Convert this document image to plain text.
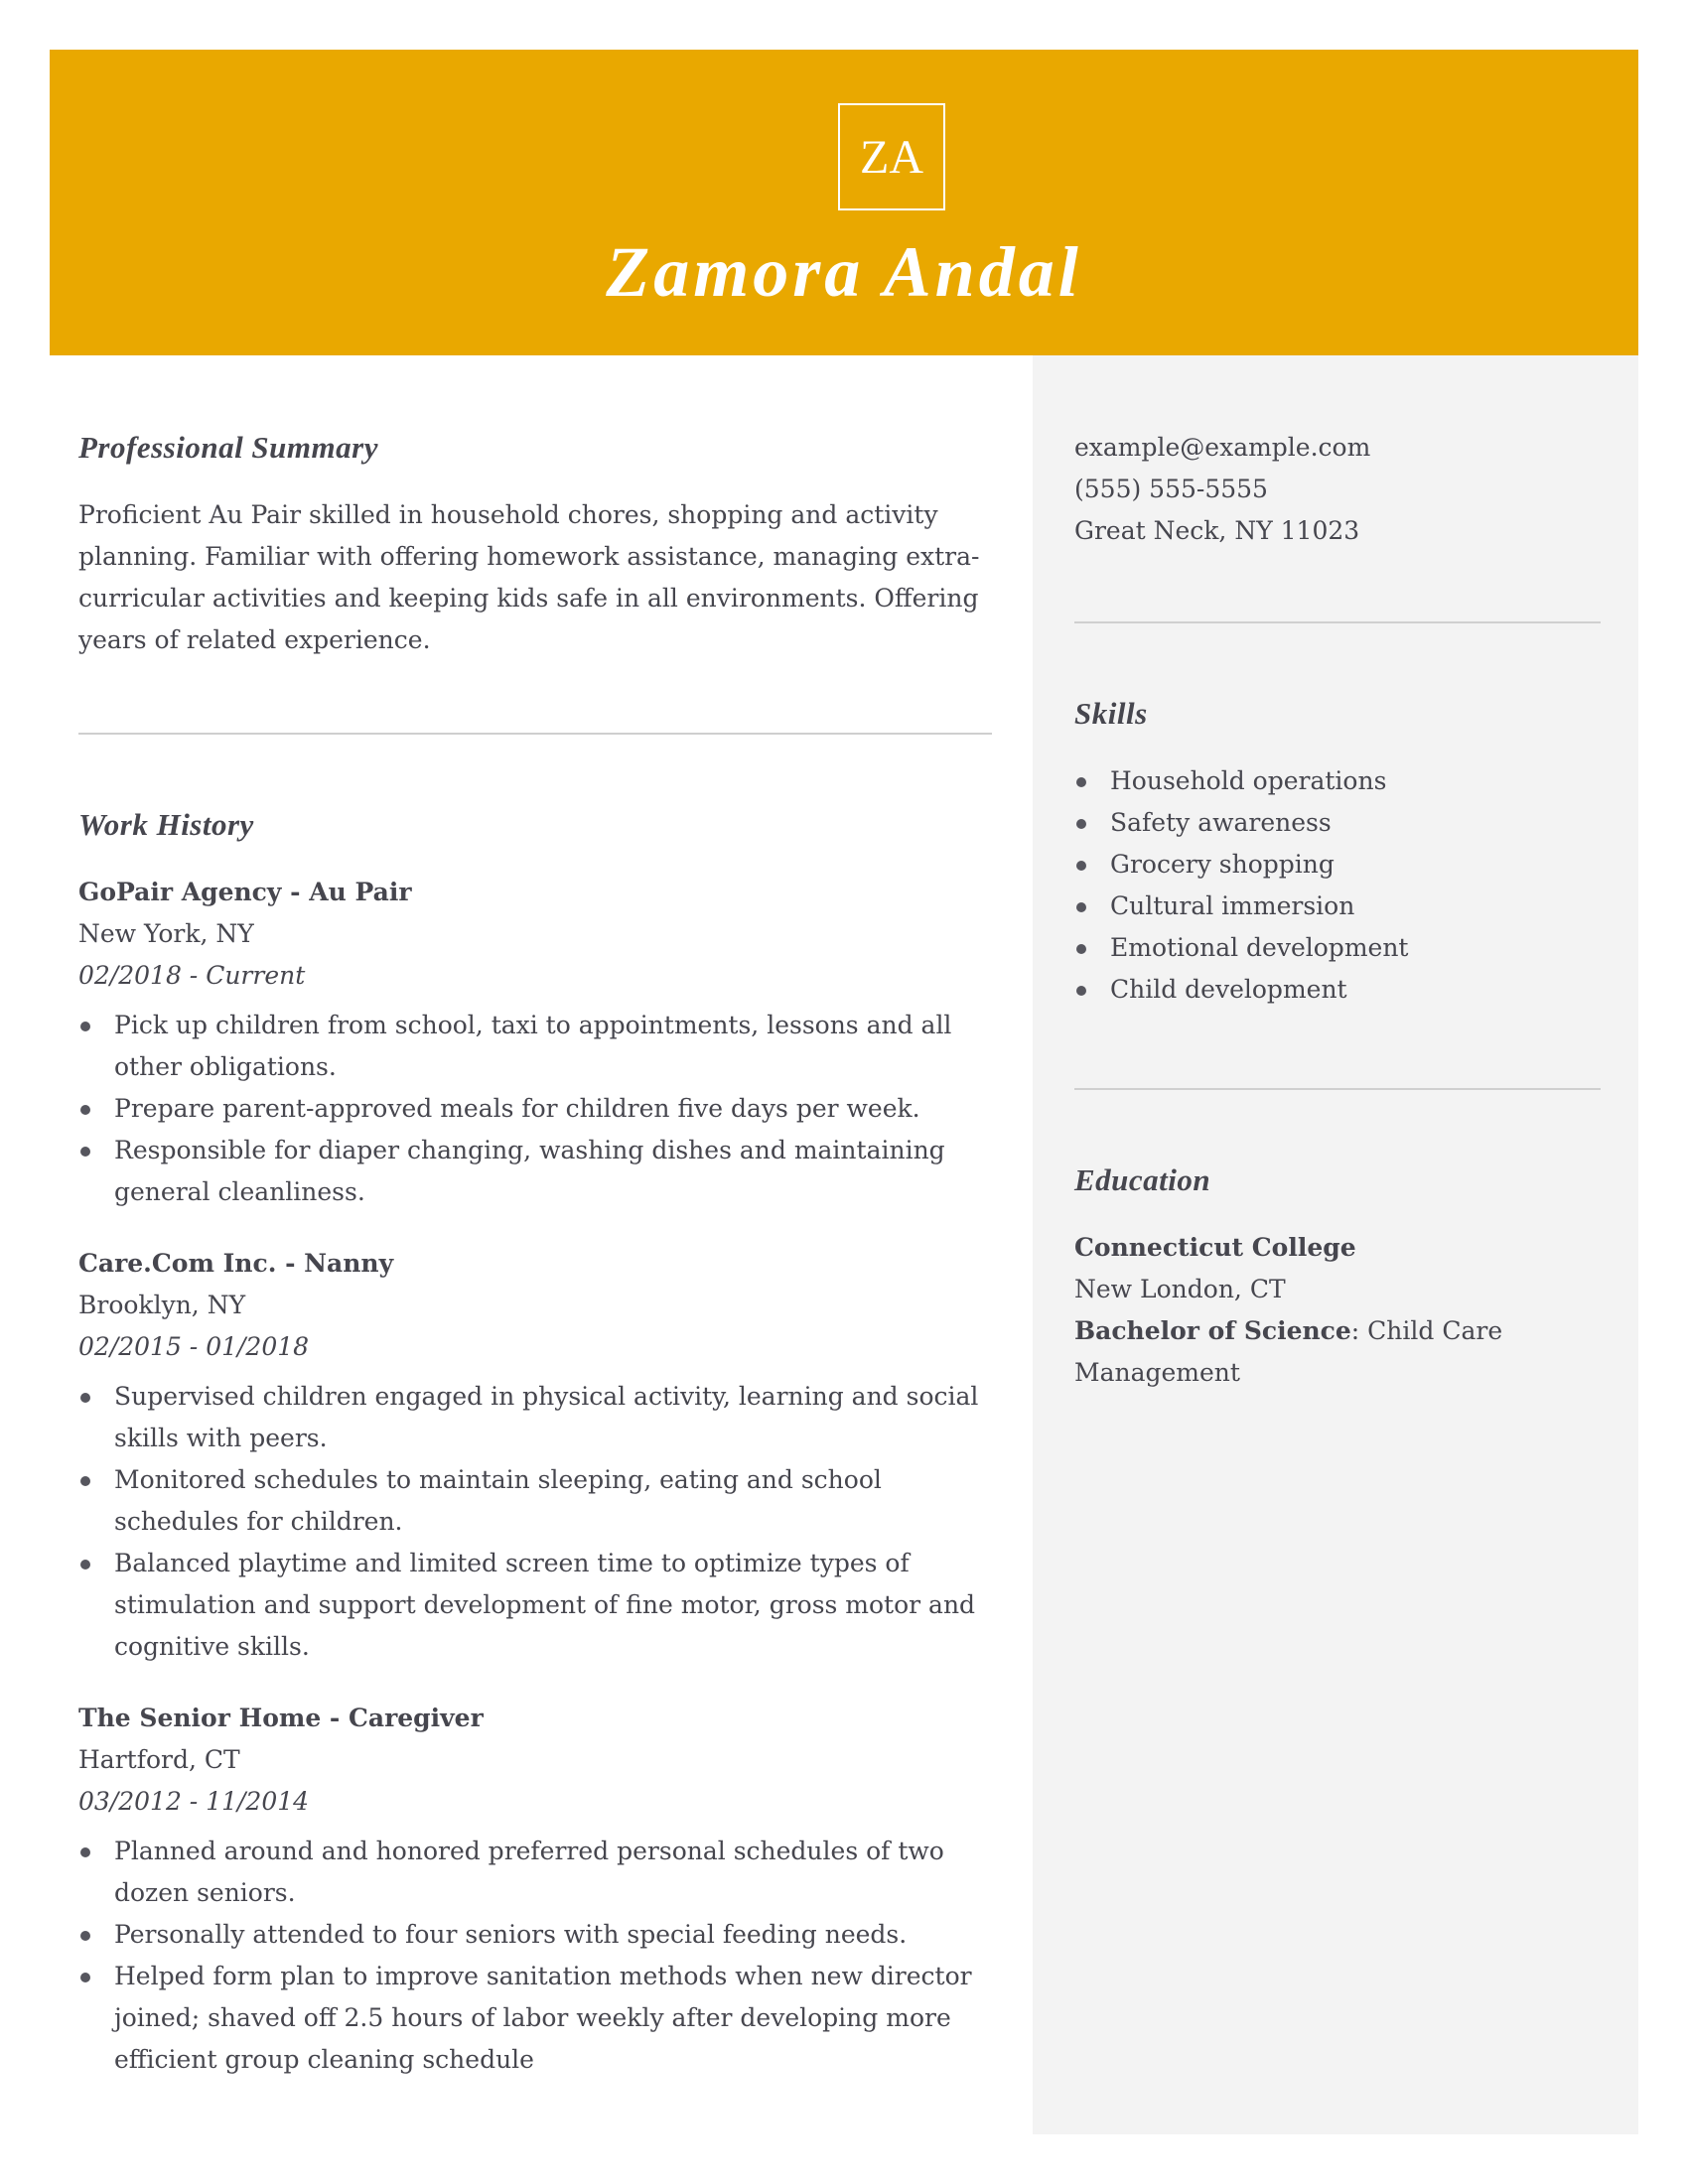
ZA
Zamora Andal
Professional Summary

Proficient Au Pair skilled in household chores, shopping and activity planning. Familiar with offering homework assistance, managing extra-curricular activities and keeping kids safe in all environments. Offering years of related experience.

Work History

GoPair Agency - Au Pair

New York, NY

02/2018 - Current

Pick up children from school, taxi to appointments, lessons and all other obligations.
Prepare parent-approved meals for children five days per week.
Responsible for diaper changing, washing dishes and maintaining general cleanliness.

Care.Com Inc. - Nanny

Brooklyn, NY

02/2015 - 01/2018

Supervised children engaged in physical activity, learning and social skills with peers.
Monitored schedules to maintain sleeping, eating and school schedules for children.
Balanced playtime and limited screen time to optimize types of stimulation and support development of fine motor, gross motor and cognitive skills.

The Senior Home - Caregiver

Hartford, CT

03/2012 - 11/2014

Planned around and honored preferred personal schedules of two dozen seniors.
Personally attended to four seniors with special feeding needs.
Helped form plan to improve sanitation methods when new director joined; shaved off 2.5 hours of labor weekly after developing more efficient group cleaning schedule

example@example.com

(555) 555-5555

Great Neck, NY 11023

Skills
Household operations
Safety awareness
Grocery shopping
Cultural immersion
Emotional development
Child development
Education

Connecticut College

New London, CT

Bachelor of Science: Child Care Management
